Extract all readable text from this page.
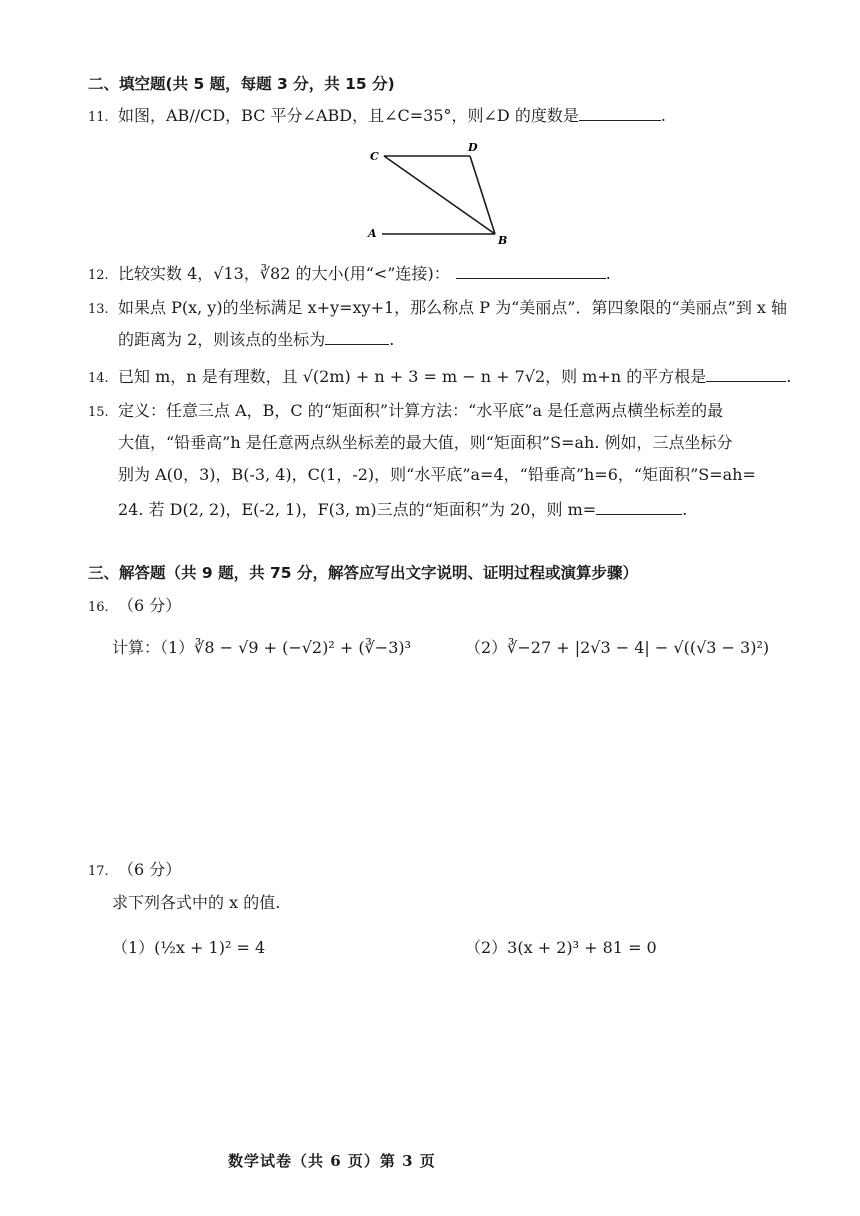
二、填空题(共 5 题，每题 3 分，共 15 分)
11. 如图，AB//CD，BC 平分∠ABD，且∠C=35°，则∠D 的度数是	.
C
D
A
B
12. 比较实数 4，√13，∛82 的大小(用“<”连接)：	.
13. 如果点 P(x, y)的坐标满足 x+y=xy+1，那么称点 P 为“美丽点”．第四象限的“美丽点”到 x 轴
的距离为 2，则该点的坐标为	.
14. 已知 m，n 是有理数，且 √(2m) + n + 3 = m − n + 7√2，则 m+n 的平方根是	.
15. 定义：任意三点 A，B，C 的“矩面积”计算方法：“水平底”a 是任意两点横坐标差的最
大值，“铅垂高”h 是任意两点纵坐标差的最大值，则“矩面积”S=ah. 例如，三点坐标分
别为 A(0，3)，B(-3, 4)，C(1，-2)，则“水平底”a=4，“铅垂高”h=6，“矩面积”S=ah=
24. 若 D(2, 2)，E(-2, 1)，F(3, m)三点的“矩面积”为 20，则 m=	.
三、解答题（共 9 题，共 75 分，解答应写出文字说明、证明过程或演算步骤）
16. （6 分）
计算：（1）∛8 − √9 + (−√2)² + (∛−3)³	（2）∛−27 + |2√3 − 4| − √((√3 − 3)²)
17. （6 分）
求下列各式中的 x 的值.
（1）(½x + 1)² = 4	（2）3(x + 2)³ + 81 = 0
数学试卷（共 6 页）第 3 页
